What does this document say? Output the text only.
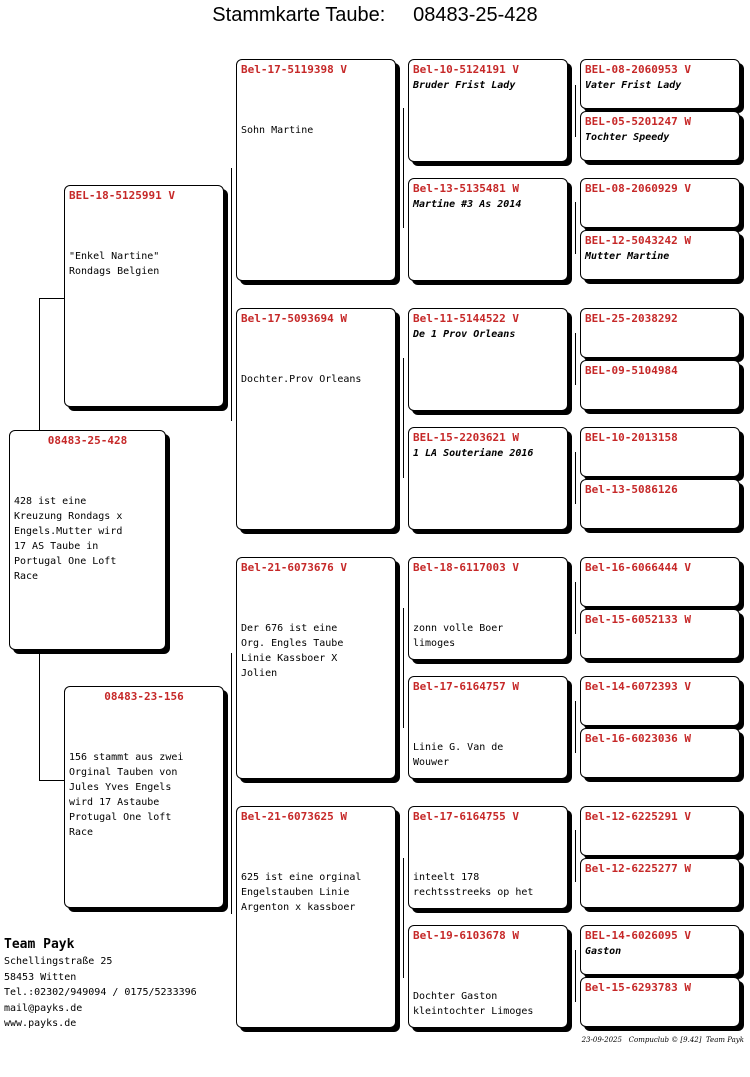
Stammkarte Taube:     08483-25-428
08483-25-428
428 ist eine
Kreuzung Rondags x
Engels.Mutter wird
17 AS Taube in
Portugal One Loft
Race
BEL-18-5125991 V
"Enkel Nartine"
Rondags Belgien
08483-23-156
156 stammt aus zwei
Orginal Tauben von
Jules Yves Engels
wird 17 Astaube
Protugal One loft
Race
Bel-17-5119398 V
Sohn Martine
Bel-17-5093694 W
Dochter.Prov Orleans
Bel-21-6073676 V
Der 676 ist eine
Org. Engles Taube
Linie Kassboer X
Jolien
Bel-21-6073625 W
625 ist eine orginal
Engelstauben Linie
Argenton x kassboer
Bel-10-5124191 V
Bruder Frist Lady
Bel-13-5135481 W
Martine #3 As 2014
Bel-11-5144522 V
De 1 Prov Orleans
BEL-15-2203621 W
1 LA Souteriane 2016
Bel-18-6117003 V
zonn volle Boer
limoges
Bel-17-6164757 W
Linie G. Van de
Wouwer
Bel-17-6164755 V
inteelt 178
rechtsstreeks op het
Bel-19-6103678 W
Dochter Gaston
kleintochter Limoges
BEL-08-2060953 V
Vater Frist Lady
BEL-05-5201247 W
Tochter Speedy
BEL-08-2060929 V
BEL-12-5043242 W
Mutter Martine
BEL-25-2038292
BEL-09-5104984
BEL-10-2013158
Bel-13-5086126
Bel-16-6066444 V
Bel-15-6052133 W
Bel-14-6072393 V
Bel-16-6023036 W
Bel-12-6225291 V
Bel-12-6225277 W
BEL-14-6026095 V
Gaston
Bel-15-6293783 W
Team Payk
Schellingstraße 25
58453 Witten
Tel.:02302/949094 / 0175/5233396
mail@payks.de
www.payks.de
23-09-2025   Compuclub © [9.42]  Team Payk
